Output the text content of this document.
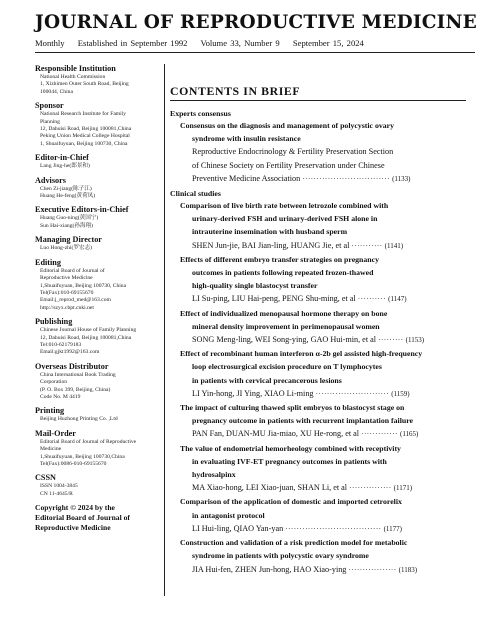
JOURNAL OF REPRODUCTIVE MEDICINE
Monthly Established in September 1992 Volume 33, Number 9 September 15, 2024
Responsible Institution
National Health Commission
1, Xizhimen Outer South Road, Beijing
100044, China
Sponsor
National Research Institute for Family
Planning
12, Dahuisi Road, Beijing 100081,China
Peking Union Medical College Hospital
1, Shuaifuyuan, Beijing 100730, China
Editor-in-Chief
Lang Jing-he(郎景和)
Advisors
Chen Zi-jiang(陈子江)
Huang He-feng(黄荷凤)
Executive Editors-in-Chief
Huang Guo-ning(黄国宁)
Sun Hai-xiang(孙海翔)
Managing Director
Luo Hong-zhi(罗宏志)
Editing
Editorial Board of Journal of
Reproductive Medicine
1,Shuaifuyuan, Beijing 100730, China
Tel(Fax):010-69155670
Email:j_reprod_med@163.com
http://szyx.cbpt.cnki.net
Publishing
Chinese Journal House of Family Planning
12, Dahuisi Road, Beijing 100081,China
Tel:010-62179183
Email:gjkt1992@163.com
Overseas Distributor
China International Book Trading
Corporation
(P. O. Box 399, Beijing, China)
Code No. M 4419
Printing
Beijing Huzhong Printing Co. ,Ltd
Mail-Order
Editorial Board of Journal of Reproductive
Medicine
1,Shuaifuyuan, Beijing 100730,China
Tel(Fax):0086-010-69155670
CSSN
ISSN 1004-3845
CN 11-4645/R
Copyright © 2024 by the
Editorial Board of Journal of
Reproductive Medicine
CONTENTS IN BRIEF
Experts consensus
Consensus on the diagnosis and management of polycystic ovary
syndrome with insulin resistance
Reproductive Endocrinology & Fertility Preservation Section
of Chinese Society on Fertility Preservation under Chinese
Preventive Medicine Association ······························· (1133)
Clinical studies
Comparison of live birth rate between letrozole combined with
urinary-derived FSH and urinary-derived FSH alone in
intrauterine insemination with husband sperm
SHEN Jun-jie, BAI Jian-ling, HUANG Jie, et al ··········· (1141)
Effects of different embryo transfer strategies on pregnancy
outcomes in patients following repeated frozen-thawed
high-quality single blastocyst transfer
LI Su-ping, LIU Hai-peng, PENG Shu-ming, et al ·········· (1147)
Effect of individualized menopausal hormone therapy on bone
mineral density improvement in perimenopausal women
SONG Meng-ling, WEI Song-ying, GAO Hui-min, et al ········· (1153)
Effect of recombinant human interferon α-2b gel assisted high-frequency
loop electrosurgical excision procedure on T lymphocytes
in patients with cervical precancerous lesions
LI Yin-hong, JI Ying, XIAO Li-ming ·························· (1159)
The impact of culturing thawed split embryos to blastocyst stage on
pregnancy outcome in patients with recurrent implantation failure
PAN Fan, DUAN-MU Jia-miao, XU He-rong, et al ············· (1165)
The value of endometrial hemorheology combined with receptivity
in evaluating IVF-ET pregnancy outcomes in patients with
hydrosalpinx
MA Xiao-hong, LEI Xiao-juan, SHAN Li, et al ··············· (1171)
Comparison of the application of domestic and imported cetrorelix
in antagonist protocol
LI Hui-ling, QIAO Yan-yan ·································· (1177)
Construction and validation of a risk prediction model for metabolic
syndrome in patients with polycystic ovary syndrome
JIA Hui-fen, ZHEN Jun-hong, HAO Xiao-ying ················· (1183)
